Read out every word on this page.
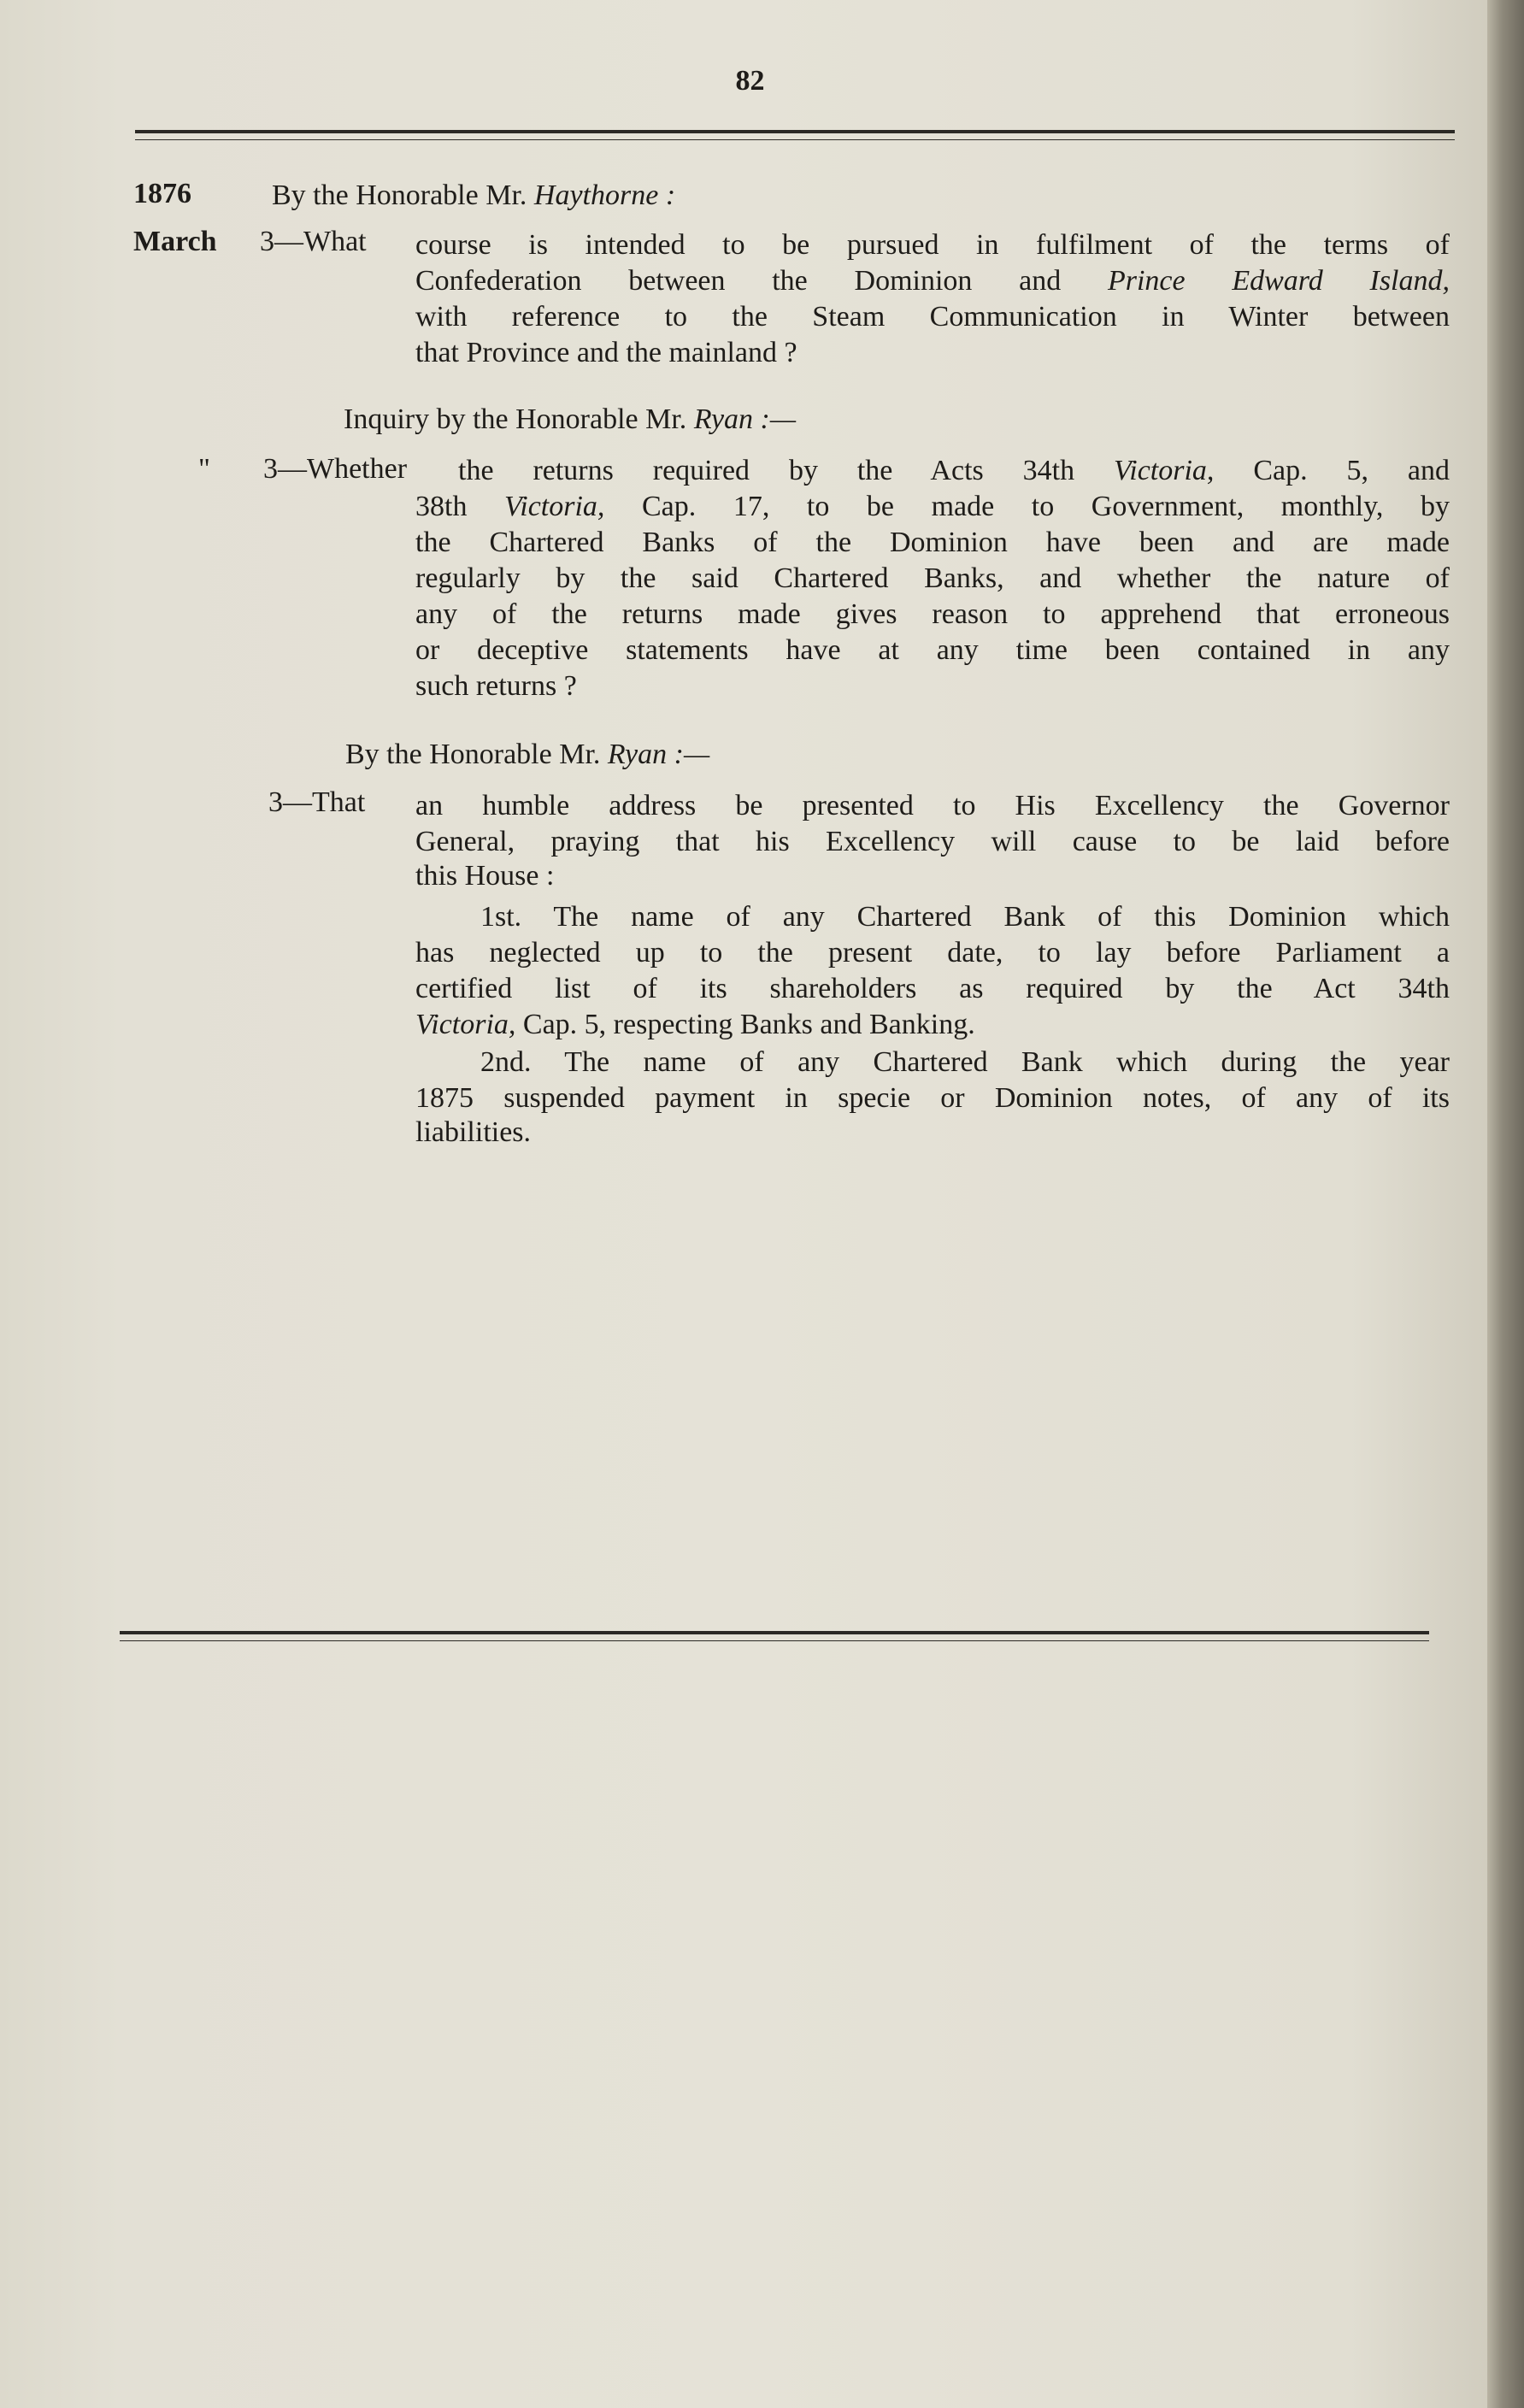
82
1876	By the Honorable Mr. Haythorne :
March 3—What course is intended to be pursued in fulfilment of the terms of
Confederation between the Dominion and Prince Edward Island,
with reference to the Steam Communication in Winter between
that Province and the mainland ?
Inquiry by the Honorable Mr. Ryan :—
" 3—Whether the returns required by the Acts 34th Victoria, Cap. 5, and
38th Victoria, Cap. 17, to be made to Government, monthly, by
the Chartered Banks of the Dominion have been and are made
regularly by the said Chartered Banks, and whether the nature of
any of the returns made gives reason to apprehend that erroneous
or deceptive statements have at any time been contained in any
such returns ?
By the Honorable Mr. Ryan :—
3—That an humble address be presented to His Excellency the Governor
General, praying that his Excellency will cause to be laid before
this House :
1st. The name of any Chartered Bank of this Dominion which
has neglected up to the present date, to lay before Parliament a
certified list of its shareholders as required by the Act 34th
Victoria, Cap. 5, respecting Banks and Banking.
2nd. The name of any Chartered Bank which during the year
1875 suspended payment in specie or Dominion notes, of any of its
liabilities.
